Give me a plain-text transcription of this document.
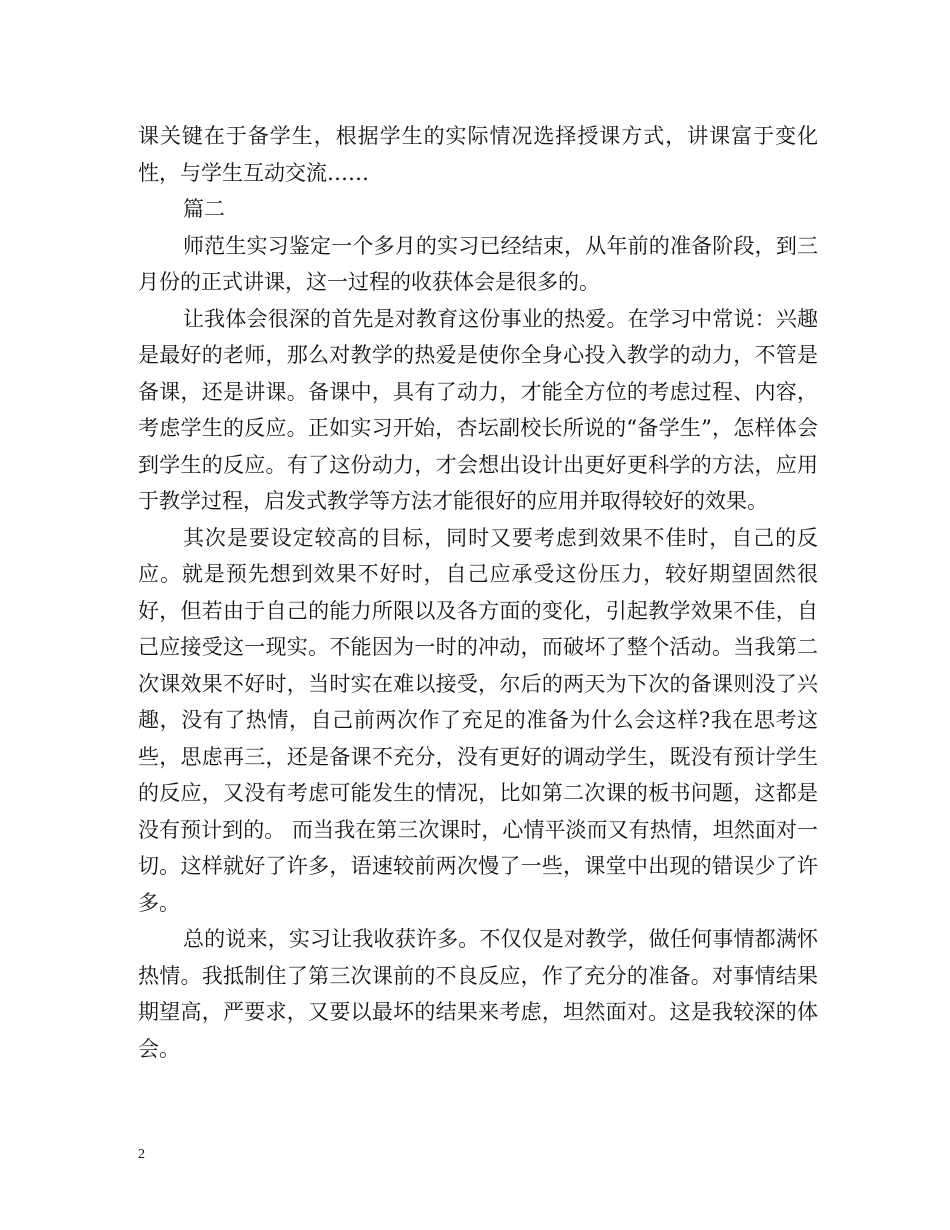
课关键在于备学生，根据学生的实际情况选择授课方式，讲课富于变化性，与学生互动交流……

篇二

师范生实习鉴定一个多月的实习已经结束，从年前的准备阶段，到三月份的正式讲课，这一过程的收获体会是很多的。

让我体会很深的首先是对教育这份事业的热爱。在学习中常说：兴趣是最好的老师，那么对教学的热爱是使你全身心投入教学的动力，不管是备课，还是讲课。备课中，具有了动力，才能全方位的考虑过程、内容，考虑学生的反应。正如实习开始，杏坛副校长所说的“备学生”，怎样体会到学生的反应。有了这份动力，才会想出设计出更好更科学的方法，应用于教学过程，启发式教学等方法才能很好的应用并取得较好的效果。

其次是要设定较高的目标，同时又要考虑到效果不佳时，自己的反应。就是预先想到效果不好时，自己应承受这份压力，较好期望固然很好，但若由于自己的能力所限以及各方面的变化，引起教学效果不佳，自己应接受这一现实。不能因为一时的冲动，而破坏了整个活动。当我第二次课效果不好时，当时实在难以接受，尔后的两天为下次的备课则没了兴趣，没有了热情，自己前两次作了充足的准备为什么会这样?我在思考这些，思虑再三，还是备课不充分，没有更好的调动学生，既没有预计学生的反应，又没有考虑可能发生的情况，比如第二次课的板书问题，这都是没有预计到的。 而当我在第三次课时，心情平淡而又有热情，坦然面对一切。这样就好了许多，语速较前两次慢了一些，课堂中出现的错误少了许多。

总的说来，实习让我收获许多。不仅仅是对教学，做任何事情都满怀热情。我抵制住了第三次课前的不良反应，作了充分的准备。对事情结果期望高，严要求，又要以最坏的结果来考虑，坦然面对。这是我较深的体会。

2
